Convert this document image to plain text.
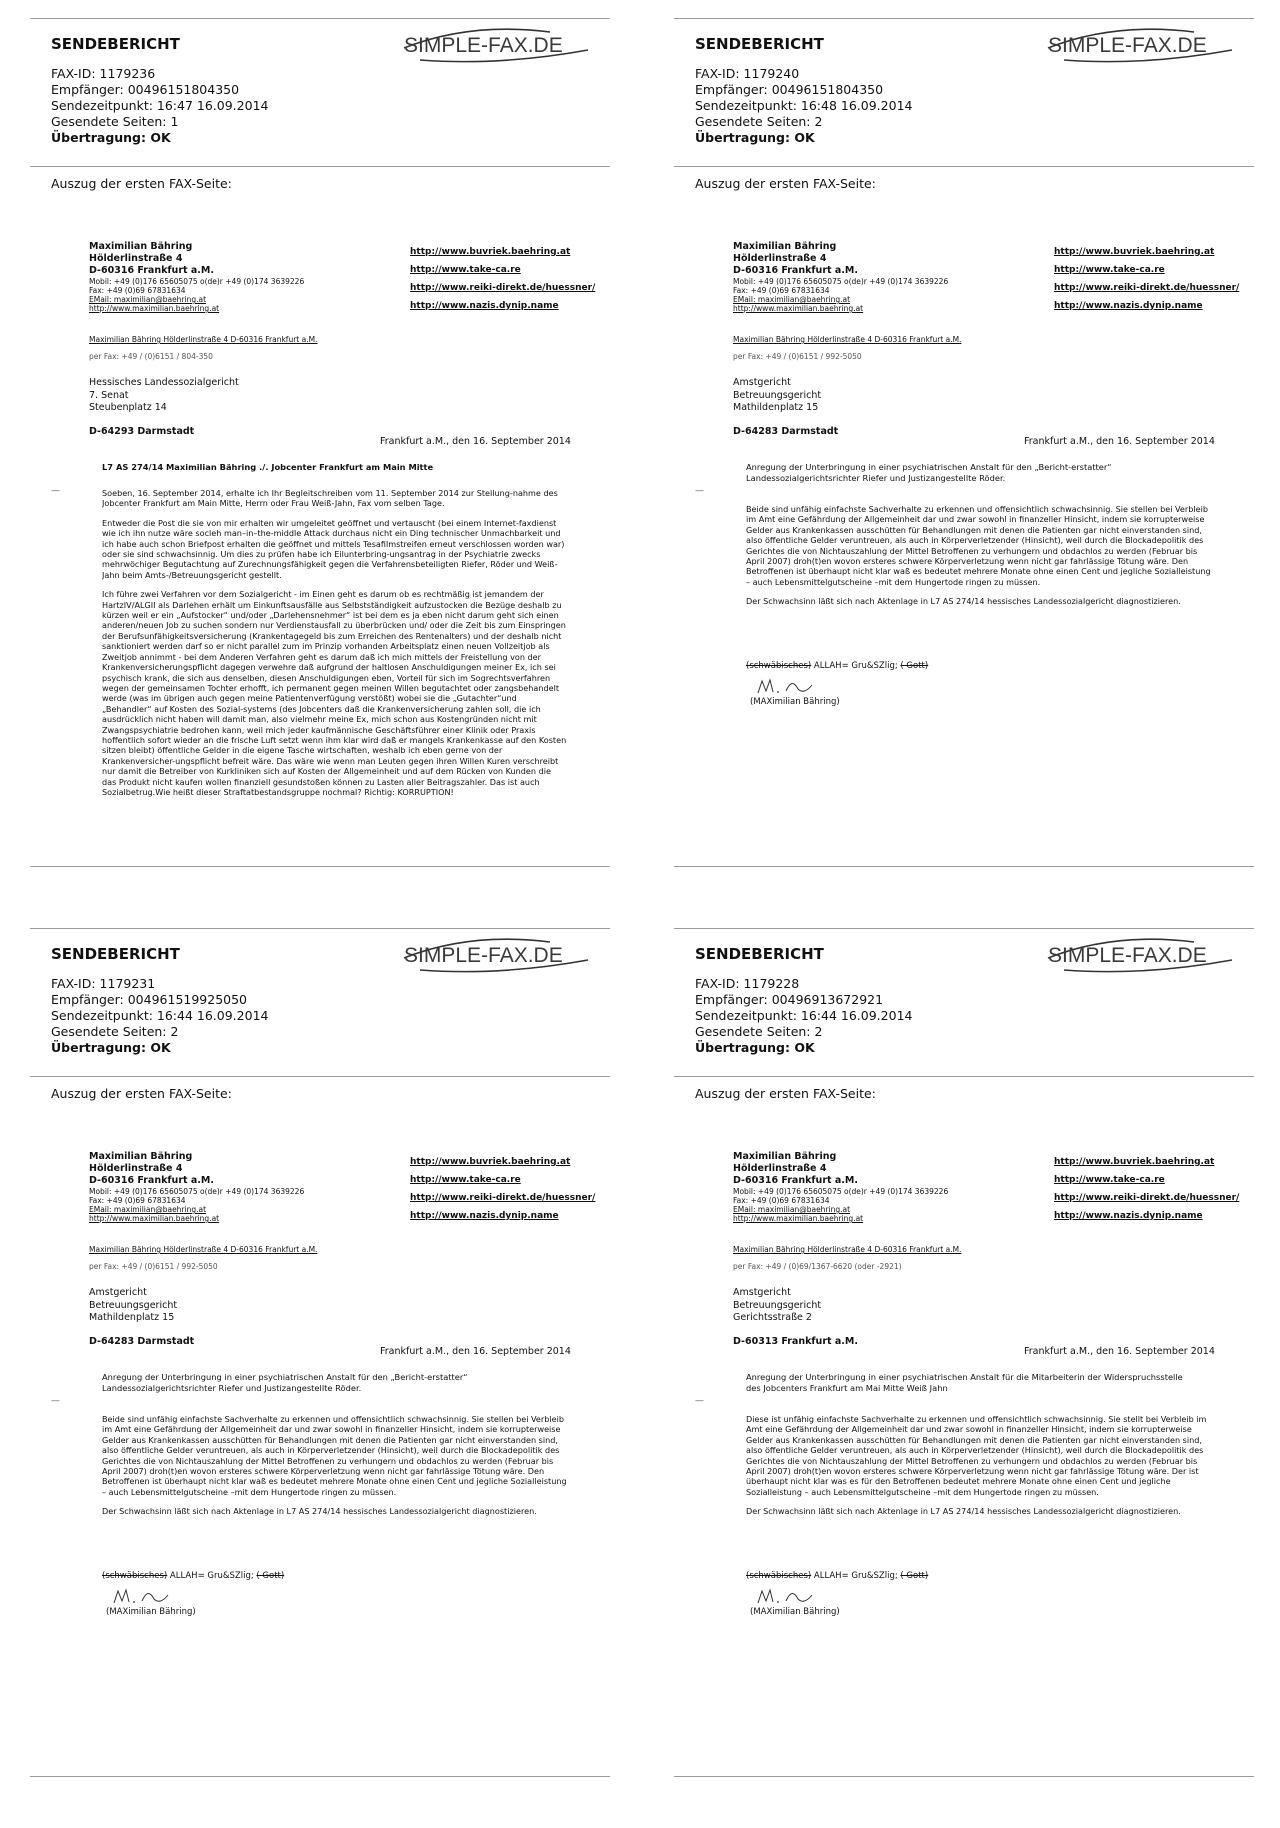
SENDEBERICHT	SIMPLE-FAX.DE
FAX-ID: 1179236
Empfänger: 00496151804350
Sendezeitpunkt: 16:47 16.09.2014
Gesendete Seiten: 1
Übertragung: OK
Auszug der ersten FAX-Seite:
Maximilian Bähring
Hölderlinstraße 4
D-60316 Frankfurt a.M.
Mobil: +49 (0)176 65605075 o(de)r +49 (0)174 3639226
Fax: +49 (0)69 67831634
EMail: maximilian@baehring.at
http://www.maximilian.baehring.at
http://www.buvriek.baehring.at
http://www.take-ca.re
http://www.reiki-direkt.de/huessner/
http://www.nazis.dynip.name
Maximilian Bähring Hölderlinstraße 4 D-60316 Frankfurt a.M.
per Fax: +49 / (0)6151 / 804-350
Hessisches Landessozialgericht
7. Senat
Steubenplatz 14
D-64293 Darmstadt
Frankfurt a.M., den 16. September 2014
—
L7 AS 274/14 Maximilian Bähring ./. Jobcenter Frankfurt am Main Mitte

Soeben, 16. September 2014, erhalte ich Ihr Begleitschreiben vom 11. September 2014 zur Stellung-nahme des Jobcenter Frankfurt am Main Mitte, Herrn oder Frau Weiß-Jahn, Fax vom selben Tage.

Entweder die Post die sie von mir erhalten wir umgeleitet geöffnet und vertauscht (bei einem Internet-faxdienst wie ich ihn nutze wäre socleh man–in–the-middle Attack durchaus nicht ein Ding technischer Unmachbarkeit und ich habe auch schon Briefpost erhalten die geöffnet und mittels Tesafilmstreifen erneut verschlossen worden war) oder sie sind schwachsinnig. Um dies zu prüfen habe ich Eilunterbring-ungsantrag in der Psychiatrie zwecks mehrwöchiger Begutachtung auf Zurechnungsfähigkeit gegen die Verfahrensbeteiligten Riefer, Röder und Weiß-Jahn beim Amts-/Betreuungsgericht gestellt.

Ich führe zwei Verfahren vor dem Sozialgericht - im Einen geht es darum ob es rechtmäßig ist jemandem der HartzIV/ALGII als Darlehen erhält um Einkunftsausfälle aus Selbstständigkeit aufzustocken die Bezüge deshalb zu kürzen weil er ein „Aufstocker“ und/oder „Darlehensnehmer“ ist bei dem es ja eben nicht darum geht sich einen anderen/neuen Job zu suchen sondern nur Verdienstausfall zu überbrücken und/ oder die Zeit bis zum Einspringen der Berufsunfähigkeitsversicherung (Krankentagegeld bis zum Erreichen des Rentenalters) und der deshalb nicht sanktioniert werden darf so er nicht parallel zum im Prinzip vorhanden Arbeitsplatz einen neuen Vollzeitjob als Zweitjob annimmt - bei dem Anderen Verfahren geht es darum daß ich mich mittels der Freistellung von der Krankenversicherungspflicht dagegen verwehre daß aufgrund der haltlosen Anschuldigungen meiner Ex, ich sei psychisch krank, die sich aus denselben, diesen Anschuldigungen eben, Vorteil für sich im Sogrechtsverfahren wegen der gemeinsamen Tochter erhofft, ich permanent gegen meinen Willen begutachtet oder zangsbehandelt werde (was im übrigen auch gegen meine Patientenverfügung verstößt) wobei sie die „Gutachter“und „Behandler“ auf Kosten des Sozial-systems (des Jobcenters daß die Krankenversicherung zahlen soll, die ich ausdrücklich nicht haben will damit man, also vielmehr meine Ex, mich schon aus Kostengründen nicht mit Zwangspsychiatrie bedrohen kann, weil mich jeder kaufmännische Geschäftsführer einer Klinik oder Praxis hoffentlich sofort wieder an die frische Luft setzt wenn ihm klar wird daß er mangels Krankenkasse auf den Kosten sitzen bleibt) öffentliche Gelder in die eigene Tasche wirtschaften, weshalb ich eben gerne von der Krankenversicher-ungspflicht befreit wäre. Das wäre wie wenn man Leuten gegen ihren Willen Kuren verschreibt nur damit die Betreiber von Kurkliniken sich auf Kosten der Allgemeinheit und auf dem Rücken von Kunden die das Produkt nicht kaufen wollen finanziell gesundstoßen können zu Lasten aller Beitragszahler. Das ist auch Sozialbetrug.Wie heißt dieser Straftatbestandsgruppe nochmal? Richtig: KORRUPTION!

SENDEBERICHT	SIMPLE-FAX.DE
FAX-ID: 1179240
Empfänger: 00496151804350
Sendezeitpunkt: 16:48 16.09.2014
Gesendete Seiten: 2
Übertragung: OK
Auszug der ersten FAX-Seite:
Maximilian Bähring
Hölderlinstraße 4
D-60316 Frankfurt a.M.
Mobil: +49 (0)176 65605075 o(de)r +49 (0)174 3639226
Fax: +49 (0)69 67831634
EMail: maximilian@baehring.at
http://www.maximilian.baehring.at
http://www.buvriek.baehring.at
http://www.take-ca.re
http://www.reiki-direkt.de/huessner/
http://www.nazis.dynip.name
Maximilian Bähring Hölderlinstraße 4 D-60316 Frankfurt a.M.
per Fax: +49 / (0)6151 / 992-5050
Amstgericht
Betreuungsgericht
Mathildenplatz 15
D-64283 Darmstadt
Frankfurt a.M., den 16. September 2014
—
Anregung der Unterbringung in einer psychiatrischen Anstalt für den „Bericht-erstatter“ Landessozialgerichtsrichter Riefer und Justizangestellte Röder.

Beide sind unfähig einfachste Sachverhalte zu erkennen und offensichtlich schwachsinnig. Sie stellen bei Verbleib im Amt eine Gefährdung der Allgemeinheit dar und zwar sowohl in finanzeller Hinsicht, indem sie korrupterweise Gelder aus Krankenkassen ausschütten für Behandlungen mit denen die Patienten gar nicht einverstanden sind, also öffentliche Gelder veruntreuen, als auch in Körperverletzender (Hinsicht), weil durch die Blockadepolitik des Gerichtes die von Nichtauszahlung der Mittel Betroffenen zu verhungern und obdachlos zu werden (Februar bis April 2007) droh(t)en wovon ersteres schwere Körperverletzung wenn nicht gar fahrlässige Tötung wäre. Den Betroffenen ist überhaupt nicht klar waß es bedeutet mehrere Monate ohne einen Cent und jegliche Sozialleistung – auch Lebensmittelgutscheine –mit dem Hungertode ringen zu müssen.

Der Schwachsinn läßt sich nach Aktenlage in L7 AS 274/14 hessisches Landessozialgericht diagnostizieren.

(schwäbisches) ALLAH= Gru&SZlig; ( Gott)
(MAXimilian Bähring)
SENDEBERICHT	SIMPLE-FAX.DE
FAX-ID: 1179231
Empfänger: 004961519925050
Sendezeitpunkt: 16:44 16.09.2014
Gesendete Seiten: 2
Übertragung: OK
Auszug der ersten FAX-Seite:
Maximilian Bähring
Hölderlinstraße 4
D-60316 Frankfurt a.M.
Mobil: +49 (0)176 65605075 o(de)r +49 (0)174 3639226
Fax: +49 (0)69 67831634
EMail: maximilian@baehring.at
http://www.maximilian.baehring.at
http://www.buvriek.baehring.at
http://www.take-ca.re
http://www.reiki-direkt.de/huessner/
http://www.nazis.dynip.name
Maximilian Bähring Hölderlinstraße 4 D-60316 Frankfurt a.M.
per Fax: +49 / (0)6151 / 992-5050
Amstgericht
Betreuungsgericht
Mathildenplatz 15
D-64283 Darmstadt
Frankfurt a.M., den 16. September 2014
—
Anregung der Unterbringung in einer psychiatrischen Anstalt für den „Bericht-erstatter“ Landessozialgerichtsrichter Riefer und Justizangestellte Röder.

Beide sind unfähig einfachste Sachverhalte zu erkennen und offensichtlich schwachsinnig. Sie stellen bei Verbleib im Amt eine Gefährdung der Allgemeinheit dar und zwar sowohl in finanzeller Hinsicht, indem sie korrupterweise Gelder aus Krankenkassen ausschütten für Behandlungen mit denen die Patienten gar nicht einverstanden sind, also öffentliche Gelder veruntreuen, als auch in Körperverletzender (Hinsicht), weil durch die Blockadepolitik des Gerichtes die von Nichtauszahlung der Mittel Betroffenen zu verhungern und obdachlos zu werden (Februar bis April 2007) droh(t)en wovon ersteres schwere Körperverletzung wenn nicht gar fahrlässige Tötung wäre. Den Betroffenen ist überhaupt nicht klar waß es bedeutet mehrere Monate ohne einen Cent und jegliche Sozialleistung – auch Lebensmittelgutscheine –mit dem Hungertode ringen zu müssen.

Der Schwachsinn läßt sich nach Aktenlage in L7 AS 274/14 hessisches Landessozialgericht diagnostizieren.

(schwäbisches) ALLAH= Gru&SZlig; ( Gott)
(MAXimilian Bähring)
SENDEBERICHT	SIMPLE-FAX.DE
FAX-ID: 1179228
Empfänger: 00496913672921
Sendezeitpunkt: 16:44 16.09.2014
Gesendete Seiten: 2
Übertragung: OK
Auszug der ersten FAX-Seite:
Maximilian Bähring
Hölderlinstraße 4
D-60316 Frankfurt a.M.
Mobil: +49 (0)176 65605075 o(de)r +49 (0)174 3639226
Fax: +49 (0)69 67831634
EMail: maximilian@baehring.at
http://www.maximilian.baehring.at
http://www.buvriek.baehring.at
http://www.take-ca.re
http://www.reiki-direkt.de/huessner/
http://www.nazis.dynip.name
Maximilian Bähring Hölderlinstraße 4 D-60316 Frankfurt a.M.
per Fax: +49 / (0)69/1367-6620 (oder -2921)
Amstgericht
Betreuungsgericht
Gerichtsstraße 2
D-60313 Frankfurt a.M.
Frankfurt a.M., den 16. September 2014
—
Anregung der Unterbringung in einer psychiatrischen Anstalt für die Mitarbeiterin der Widerspruchsstelle des Jobcenters Frankfurt am Mai Mitte Weiß Jahn

Diese ist unfähig einfachste Sachverhalte zu erkennen und offensichtlich schwachsinnig. Sie stellt bei Verbleib im Amt eine Gefährdung der Allgemeinheit dar und zwar sowohl in finanzeller Hinsicht, indem sie korrupterweise Gelder aus Krankenkassen ausschütten für Behandlungen mit denen die Patienten gar nicht einverstanden sind, also öffentliche Gelder veruntreuen, als auch in Körperverletzender (Hinsicht), weil durch die Blockadepolitik des Gerichtes die von Nichtauszahlung der Mittel Betroffenen zu verhungern und obdachlos zu werden (Februar bis April 2007) droh(t)en wovon ersteres schwere Körperverletzung wenn nicht gar fahrlässige Tötung wäre. Der ist überhaupt nicht klar was es für den Betroffenen bedeutet mehrere Monate ohne einen Cent und jegliche Sozialleistung – auch Lebensmittelgutscheine –mit dem Hungertode ringen zu müssen.

Der Schwachsinn läßt sich nach Aktenlage in L7 AS 274/14 hessisches Landessozialgericht diagnostizieren.

(schwäbisches) ALLAH= Gru&SZlig; ( Gott)
(MAXimilian Bähring)
